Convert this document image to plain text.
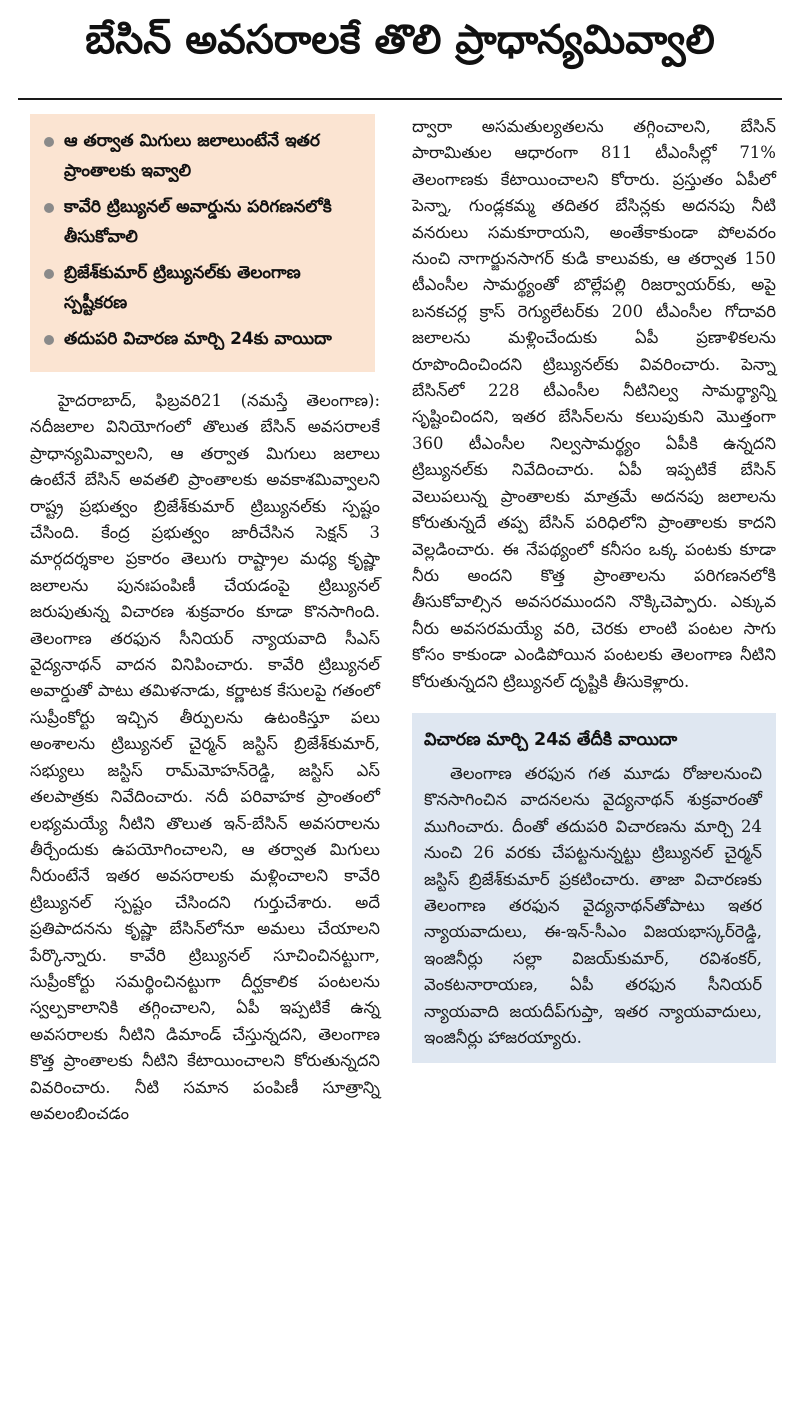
బేసిన్ అవసరాలకే తొలి ప్రాధాన్యమివ్వాలి
ఆ తర్వాత మిగులు జలాలుంటేనే ఇతర ప్రాంతాలకు ఇవ్వాలి
కావేరి ట్రిబ్యునల్ అవార్డును పరిగణనలోకి తీసుకోవాలి
బ్రిజేశ్‌కుమార్ ట్రిబ్యునల్‌కు తెలంగాణ స్పష్టీకరణ
తదుపరి విచారణ మార్చి 24కు వాయిదా

హైదరాబాద్, ఫిబ్రవరి21 (నమస్తే తెలంగాణ): నదీజలాల వినియోగంలో తొలుత బేసిన్ అవసరాలకే ప్రాధాన్యమివ్వాలని, ఆ తర్వాత మిగులు జలాలు ఉంటేనే బేసిన్ అవతలి ప్రాంతాలకు అవకాశమివ్వాలని రాష్ట్ర ప్రభుత్వం బ్రిజేశ్‌కుమార్ ట్రిబ్యునల్‌కు స్పష్టం చేసింది. కేంద్ర ప్రభుత్వం జారీచేసిన సెక్షన్ 3 మార్గదర్శకాల ప్రకారం తెలుగు రాష్ట్రాల మధ్య కృష్ణా జలాలను పునఃపంపిణీ చేయడంపై ట్రిబ్యునల్ జరుపుతున్న విచారణ శుక్రవారం కూడా కొనసాగింది. తెలంగాణ తరఫున సీనియర్ న్యాయవాది సీఎస్ వైద్యనాథన్ వాదన వినిపించారు. కావేరి ట్రిబ్యునల్ అవార్డుతో పాటు తమిళనాడు, కర్ణాటక కేసులపై గతంలో సుప్రీంకోర్టు ఇచ్చిన తీర్పులను ఉటంకిస్తూ పలు అంశాలను ట్రిబ్యునల్ చైర్మన్ జస్టిస్ బ్రిజేశ్‌కుమార్, సభ్యులు జస్టిస్ రామ్‌మోహన్‌రెడ్డి, జస్టిస్ ఎస్ తలపాత్రకు నివేదించారు. నదీ పరివాహక ప్రాంతంలో లభ్యమయ్యే నీటిని తొలుత ఇన్-బేసిన్ అవసరాలను తీర్చేందుకు ఉపయోగించాలని, ఆ తర్వాత మిగులు నీరుంటేనే ఇతర అవసరాలకు మళ్లించాలని కావేరి ట్రిబ్యునల్ స్పష్టం చేసిందని గుర్తుచేశారు. అదే ప్రతిపాదనను కృష్ణా బేసిన్‌లోనూ అమలు చేయాలని పేర్కొన్నారు. కావేరి ట్రిబ్యునల్ సూచించినట్టుగా, సుప్రీంకోర్టు సమర్థించినట్టుగా దీర్ఘకాలిక పంటలను స్వల్పకాలానికి తగ్గించాలని, ఏపీ ఇప్పటికే ఉన్న అవసరాలకు నీటిని డిమాండ్ చేస్తున్నదని, తెలంగాణ కొత్త ప్రాంతాలకు నీటిని కేటాయించాలని కోరుతున్నదని వివరించారు. నీటి సమాన పంపిణీ సూత్రాన్ని అవలంబించడం

ద్వారా అసమతుల్యతలను తగ్గించాలని, బేసిన్ పారామితుల ఆధారంగా 811 టీఎంసీల్లో 71% తెలంగాణకు కేటాయించాలని కోరారు. ప్రస్తుతం ఏపీలో పెన్నా, గుండ్లకమ్మ తదితర బేసిన్లకు అదనపు నీటి వనరులు సమకూరాయని, అంతేకాకుండా పోలవరం నుంచి నాగార్జునసాగర్ కుడి కాలువకు, ఆ తర్వాత 150 టీఎంసీల సామర్థ్యంతో బొల్లేపల్లి రిజర్వాయర్‌కు, అపై బనకచర్ల క్రాస్ రెగ్యులేటర్‌కు 200 టీఎంసీల గోదావరి జలాలను మళ్లించేందుకు ఏపీ ప్రణాళికలను రూపొందించిందని ట్రిబ్యునల్‌కు వివరించారు. పెన్నా బేసిన్‌లో 228 టీఎంసీల నీటినిల్వ సామర్థ్యాన్ని సృష్టించిందని, ఇతర బేసిన్‌లను కలుపుకుని మొత్తంగా 360 టీఎంసీల నిల్వసామర్థ్యం ఏపీకి ఉన్నదని ట్రిబ్యునల్‌కు నివేదించారు. ఏపీ ఇప్పటికే బేసిన్ వెలుపలున్న ప్రాంతాలకు మాత్రమే అదనపు జలాలను కోరుతున్నదే తప్ప బేసిన్ పరిధిలోని ప్రాంతాలకు కాదని వెల్లడించారు. ఈ నేపథ్యంలో కనీసం ఒక్క పంటకు కూడా నీరు అందని కొత్త ప్రాంతాలను పరిగణనలోకి తీసుకోవాల్సిన అవసరముందని నొక్కిచెప్పారు. ఎక్కువ నీరు అవసరమయ్యే వరి, చెరకు లాంటి పంటల సాగు కోసం కాకుండా ఎండిపోయిన పంటలకు తెలంగాణ నీటిని కోరుతున్నదని ట్రిబ్యునల్ దృష్టికి తీసుకెళ్లారు.

విచారణ మార్చి 24వ తేదీకి వాయిదా

తెలంగాణ తరఫున గత మూడు రోజులనుంచి కొనసాగించిన వాదనలను వైద్యనాథన్ శుక్రవారంతో ముగించారు. దీంతో తదుపరి విచారణను మార్చి 24 నుంచి 26 వరకు చేపట్టనున్నట్టు ట్రిబ్యునల్ చైర్మన్ జస్టిస్ బ్రిజేశ్‌కుమార్ ప్రకటించారు. తాజా విచారణకు తెలంగాణ తరఫున వైద్యనాథన్‌తోపాటు ఇతర న్యాయవాదులు, ఈ-ఇన్-సీఎం విజయభాస్కర్‌రెడ్డి, ఇంజినీర్లు సల్లా విజయ్‌కుమార్, రవిశంకర్, వెంకటనారాయణ, ఏపీ తరఫున సీనియర్ న్యాయవాది జయదీప్‌గుప్తా, ఇతర న్యాయవాదులు, ఇంజినీర్లు హాజరయ్యారు.
